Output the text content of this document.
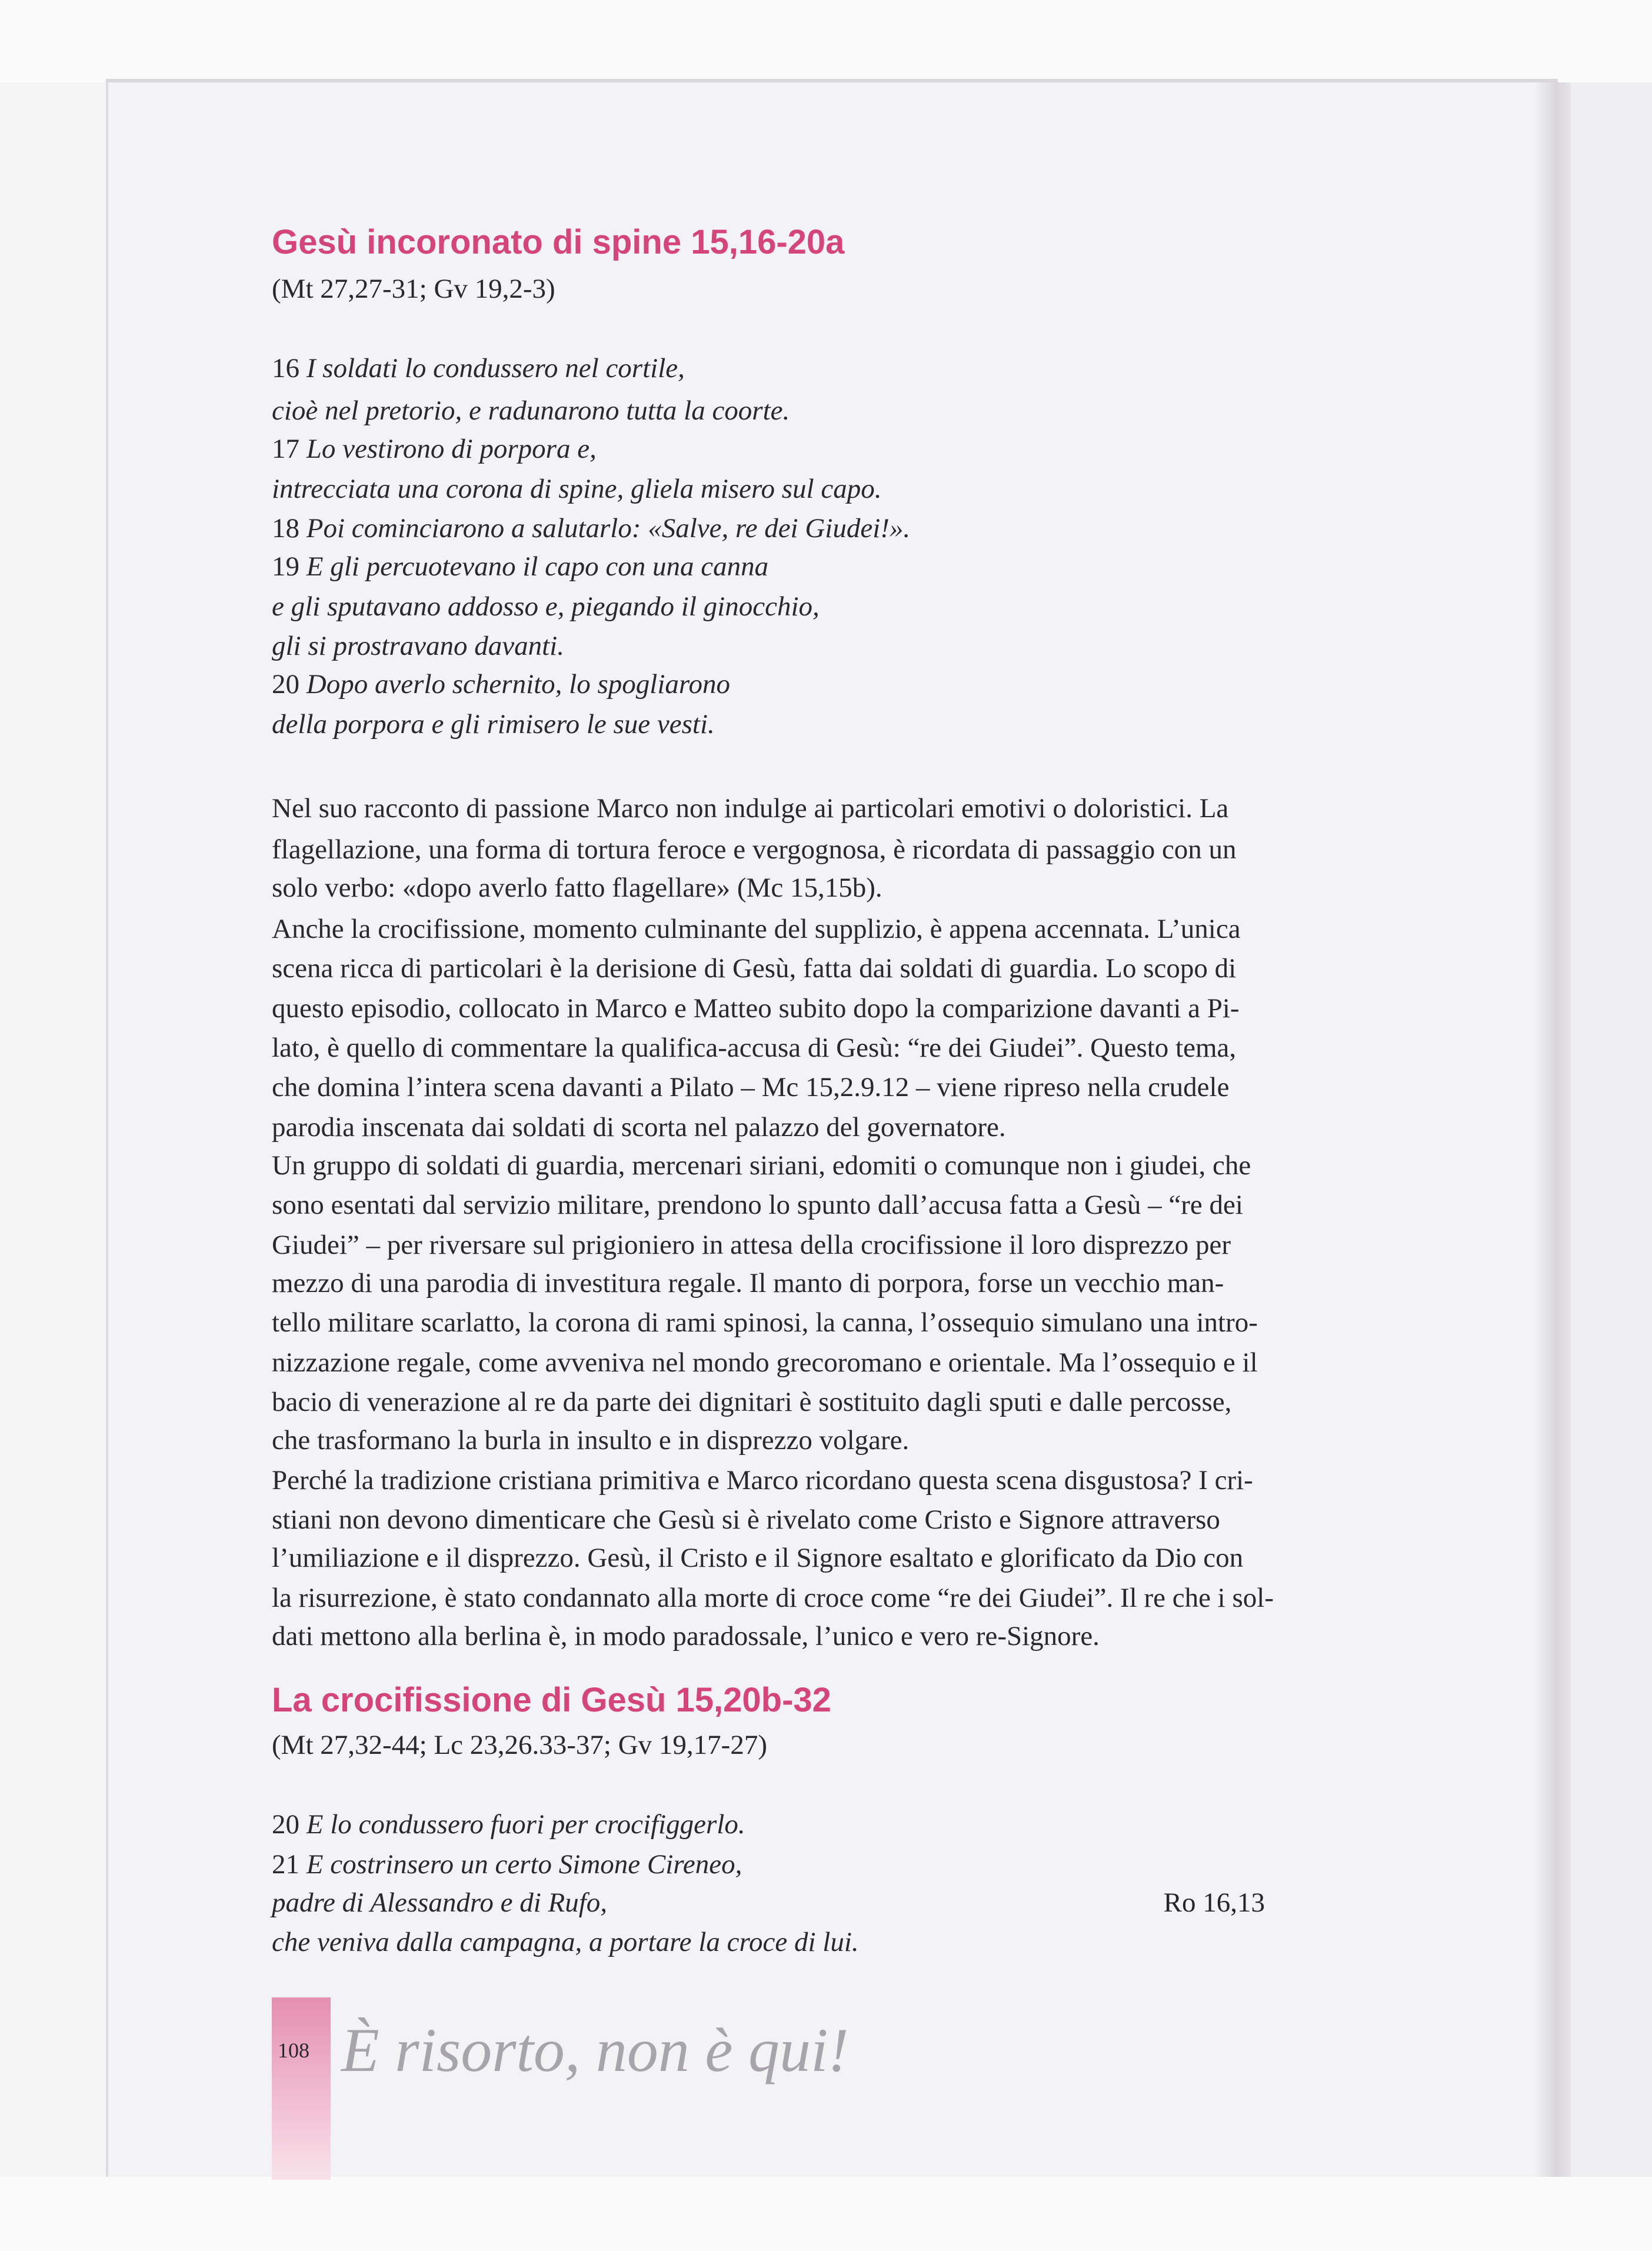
Gesù incoronato di spine 15,16-20a
(Mt 27,27-31; Gv 19,2-3)
16 I soldati lo condussero nel cortile,
cioè nel pretorio, e radunarono tutta la coorte.
17 Lo vestirono di porpora e,
intrecciata una corona di spine, gliela misero sul capo.
18 Poi cominciarono a salutarlo: «Salve, re dei Giudei!».
19 E gli percuotevano il capo con una canna
e gli sputavano addosso e, piegando il ginocchio,
gli si prostravano davanti.
20 Dopo averlo schernito, lo spogliarono
della porpora e gli rimisero le sue vesti.
Nel suo racconto di passione Marco non indulge ai particolari emotivi o doloristici. La
flagellazione, una forma di tortura feroce e vergognosa, è ricordata di passaggio con un
solo verbo: «dopo averlo fatto flagellare» (Mc 15,15b).
Anche la crocifissione, momento culminante del supplizio, è appena accennata. L’unica
scena ricca di particolari è la derisione di Gesù, fatta dai soldati di guardia. Lo scopo di
questo episodio, collocato in Marco e Matteo subito dopo la comparizione davanti a Pi-
lato, è quello di commentare la qualifica-accusa di Gesù: “re dei Giudei”. Questo tema,
che domina l’intera scena davanti a Pilato – Mc 15,2.9.12 – viene ripreso nella crudele
parodia inscenata dai soldati di scorta nel palazzo del governatore.
Un gruppo di soldati di guardia, mercenari siriani, edomiti o comunque non i giudei, che
sono esentati dal servizio militare, prendono lo spunto dall’accusa fatta a Gesù – “re dei
Giudei” – per riversare sul prigioniero in attesa della crocifissione il loro disprezzo per
mezzo di una parodia di investitura regale. Il manto di porpora, forse un vecchio man-
tello militare scarlatto, la corona di rami spinosi, la canna, l’ossequio simulano una intro-
nizzazione regale, come avveniva nel mondo grecoromano e orientale. Ma l’ossequio e il
bacio di venerazione al re da parte dei dignitari è sostituito dagli sputi e dalle percosse,
che trasformano la burla in insulto e in disprezzo volgare.
Perché la tradizione cristiana primitiva e Marco ricordano questa scena disgustosa? I cri-
stiani non devono dimenticare che Gesù si è rivelato come Cristo e Signore attraverso
l’umiliazione e il disprezzo. Gesù, il Cristo e il Signore esaltato e glorificato da Dio con
la risurrezione, è stato condannato alla morte di croce come “re dei Giudei”. Il re che i sol-
dati mettono alla berlina è, in modo paradossale, l’unico e vero re-Signore.
La crocifissione di Gesù 15,20b-32
(Mt 27,32-44; Lc 23,26.33-37; Gv 19,17-27)
20 E lo condussero fuori per crocifiggerlo.
21 E costrinsero un certo Simone Cireneo,
padre di Alessandro e di Rufo,	Ro 16,13
che veniva dalla campagna, a portare la croce di lui.
108 È risorto, non è qui!
